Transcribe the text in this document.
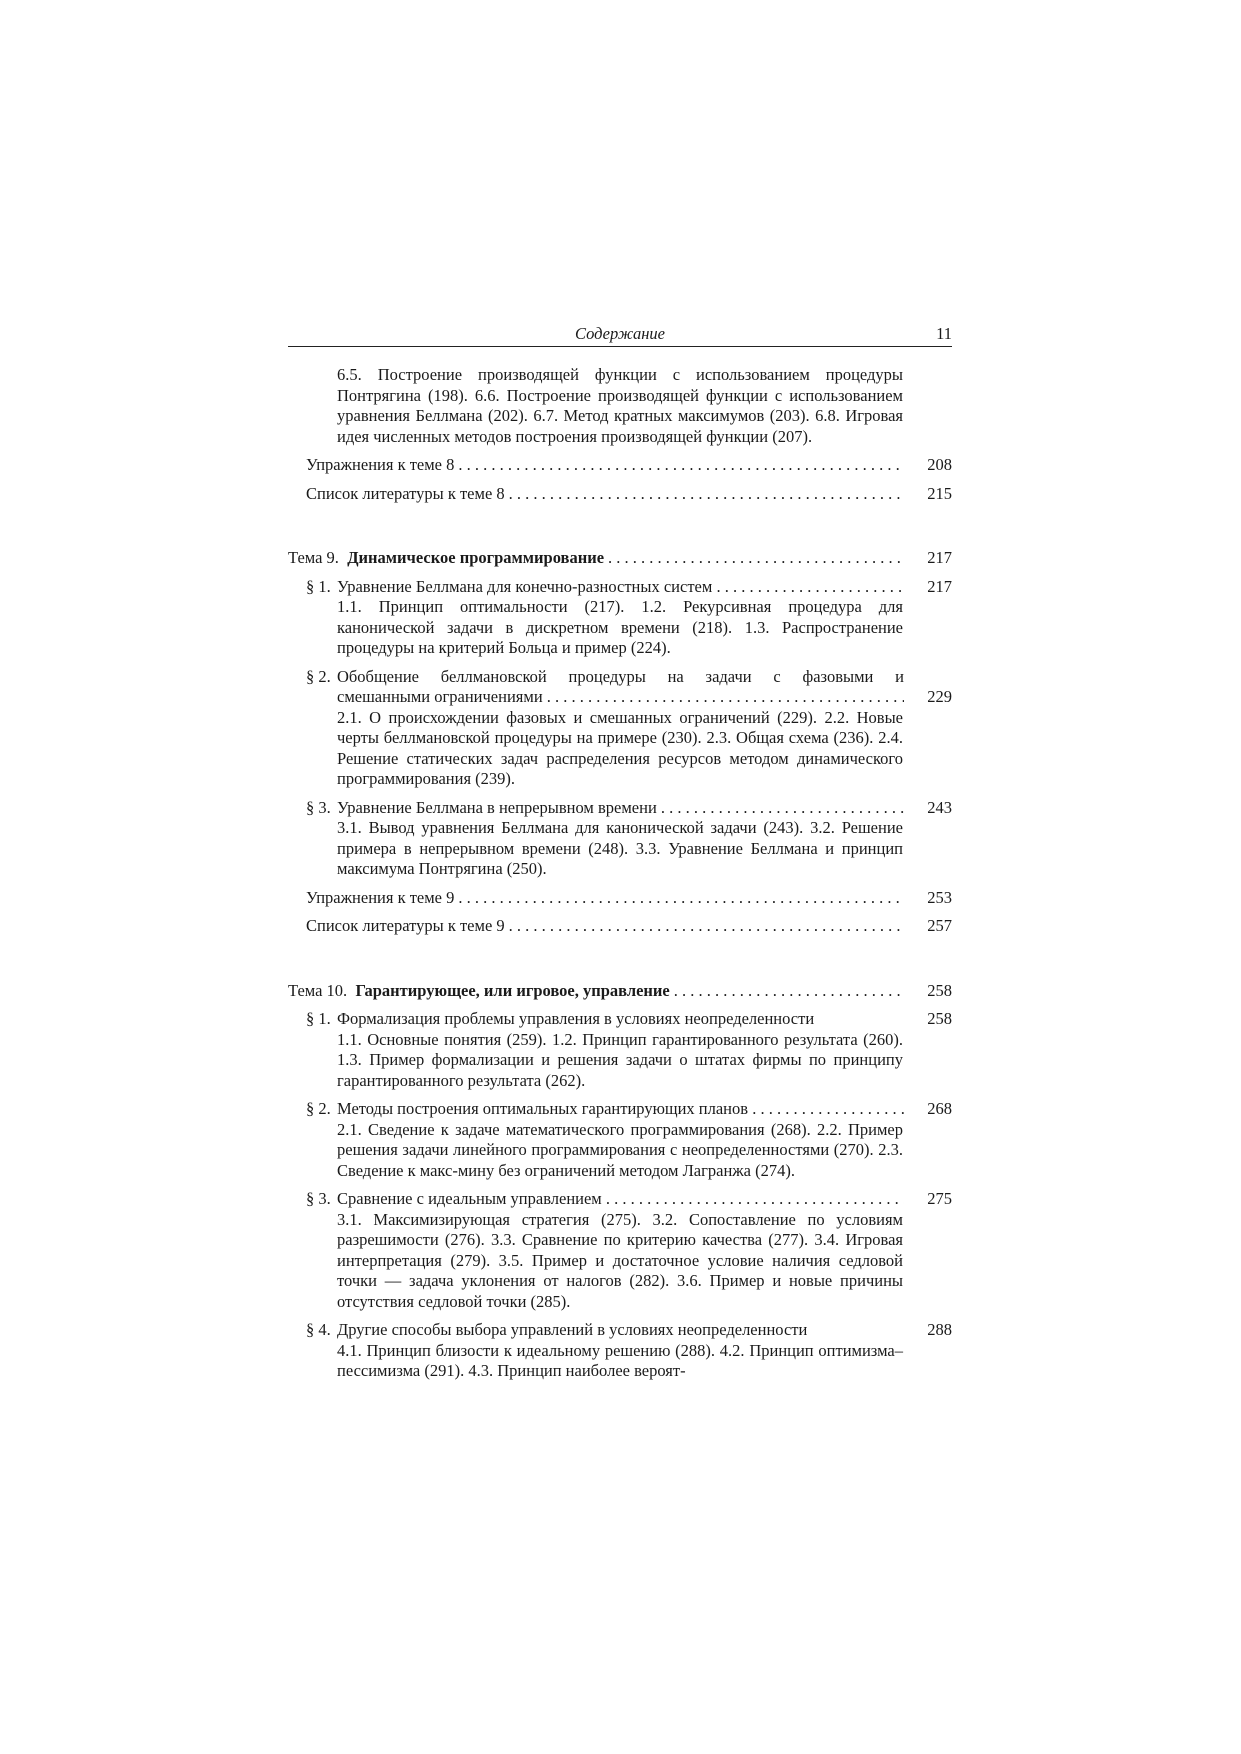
Содержание	11
6.5. Построение производящей функции с использованием процедуры Понтрягина (198). 6.6. Построение производящей функции с использованием уравнения Беллмана (202). 6.7. Метод кратных максимумов (203). 6.8. Игровая идея численных методов построения производящей функции (207).
Упражнения к теме 8 . . .	208
Список литературы к теме 8 . . .	215
Тема 9. Динамическое программирование . . .	217
§ 1. Уравнение Беллмана для конечно-разностных систем . . .	217
1.1. Принцип оптимальности (217). 1.2. Рекурсивная процедура для канонической задачи в дискретном времени (218). 1.3. Распространение процедуры на критерий Больца и пример (224).
§ 2. Обобщение беллмановской процедуры на задачи с фазовыми и
смешанными ограничениями . . .	229
2.1. О происхождении фазовых и смешанных ограничений (229). 2.2. Новые черты беллмановской процедуры на примере (230). 2.3. Общая схема (236). 2.4. Решение статических задач распределения ресурсов методом динамического программирования (239).
§ 3. Уравнение Беллмана в непрерывном времени . . .	243
3.1. Вывод уравнения Беллмана для канонической задачи (243). 3.2. Решение примера в непрерывном времени (248). 3.3. Уравнение Беллмана и принцип максимума Понтрягина (250).
Упражнения к теме 9 . . .	253
Список литературы к теме 9 . . .	257
Тема 10. Гарантирующее, или игровое, управление . . .	258
§ 1. Формализация проблемы управления в условиях неопределенности	258
1.1. Основные понятия (259). 1.2. Принцип гарантированного результата (260). 1.3. Пример формализации и решения задачи о штатах фирмы по принципу гарантированного результата (262).
§ 2. Методы построения оптимальных гарантирующих планов . . .	268
2.1. Сведение к задаче математического программирования (268). 2.2. Пример решения задачи линейного программирования с неопределенностями (270). 2.3. Сведение к макс-мину без ограничений методом Лагранжа (274).
§ 3. Сравнение с идеальным управлением . . .	275
3.1. Максимизирующая стратегия (275). 3.2. Сопоставление по условиям разрешимости (276). 3.3. Сравнение по критерию качества (277). 3.4. Игровая интерпретация (279). 3.5. Пример и достаточное условие наличия седловой точки — задача уклонения от налогов (282). 3.6. Пример и новые причины отсутствия седловой точки (285).
§ 4. Другие способы выбора управлений в условиях неопределенности	288
4.1. Принцип близости к идеальному решению (288). 4.2. Принцип оптимизма–пессимизма (291). 4.3. Принцип наиболее вероят-
